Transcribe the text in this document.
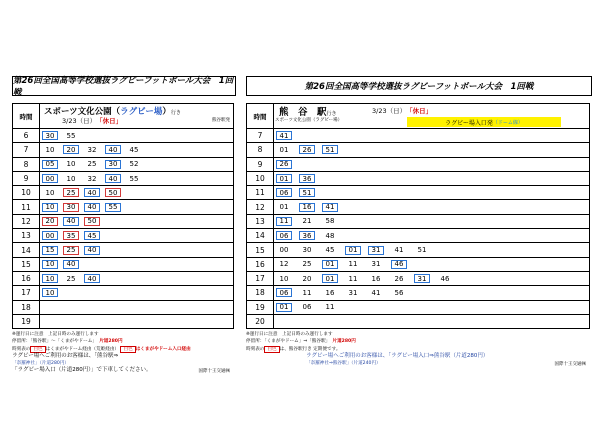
第26回全国高等学校選抜ラグビーフットボール大会　1回戦
時間	スポーツ文化公園（ラグビー場）行き
3/23（日）　 「休日」	熊谷駅発
6	30	55
7	10	20	32	40	45
8	05	10	25	30	52
9	00	10	32	40	55
10	10	25	40	50
11	10	30	40	55
12	20	40	50
13	00	35	45
14	15	25	40
15	10	40
16	10	25	40
17	10
18
19
※運行日に注意　上記日時のみ運行します
停留所：「熊谷駅」～「くまがやドーム」　 片道280円
時刻表の 白色 はくまがやドーム経由（荒姫経由） 白色 はくまがやドーム入口経由
ラグビー場へご利用のお客様は、「熊谷駅⇒
「奈羅神社」（片道280円）
「ラグビー場入口（片道280円）」で下車してください。	国際十王交通㈱
第26回全国高等学校選抜ラグビーフットボール大会　1回戦
時間	熊　谷　駅行き	3/23（日）　 「休日」
スポーツ文化公園（ラグビー場）	ラグビー場入口発 （ドーム線）
7	41
8	01	26	51
9	26
10	01	36
11	06	51
12	01	16	41
13	11	21	58
14	06	36	48
15	00	30	45	01	31	41	51
16	12	25	01	11	31	46
17	10	20	01	11	16	26	31	46
18	06	11	16	31	41	56
19	01	06	11
20
※運行日に注意　上記日時のみ運行します
停留所：「くまがやドーム」⇒「熊谷駅」　 片道280円
時刻表の 白色 は、熊谷駅行き 定期便です。
ラグビー場へご利用のお客様は、「ラグビー場入口⇒熊谷駅（片道280円）
「奈羅神社⇒熊谷駅」（片道240円）	国際十王交通㈱
